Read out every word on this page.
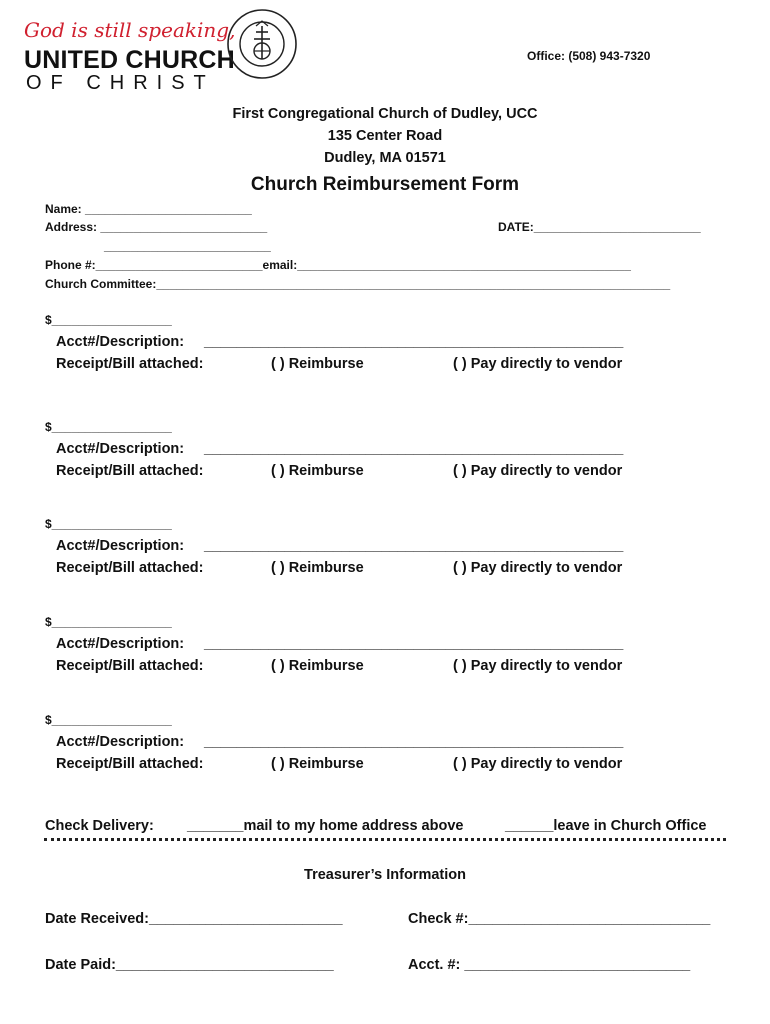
God is still speaking,
UNITED CHURCH
OF CHRIST
Office: (508) 943-7320
First Congregational Church of Dudley, UCC
135 Center Road
Dudley, MA 01571
Church Reimbursement Form
Name: _________________________
Address: _________________________	DATE:_________________________
_________________________
Phone #:_________________________email:__________________________________________________
Church Committee:_____________________________________________________________________________
$__________________
Acct#/Description: ____________________________________________________
Receipt/Bill attached:	( ) Reimburse	( ) Pay directly to vendor
$__________________
Acct#/Description: ____________________________________________________
Receipt/Bill attached:	( ) Reimburse	( ) Pay directly to vendor
$__________________
Acct#/Description: ____________________________________________________
Receipt/Bill attached:	( ) Reimburse	( ) Pay directly to vendor
$__________________
Acct#/Description: ____________________________________________________
Receipt/Bill attached:	( ) Reimburse	( ) Pay directly to vendor
$__________________
Acct#/Description: ____________________________________________________
Receipt/Bill attached:	( ) Reimburse	( ) Pay directly to vendor
Check Delivery: _______mail to my home address above	______leave in Church Office
Treasurer’s Information
Date Received:________________________	Check #:______________________________
Date Paid:___________________________	Acct. #: ____________________________
